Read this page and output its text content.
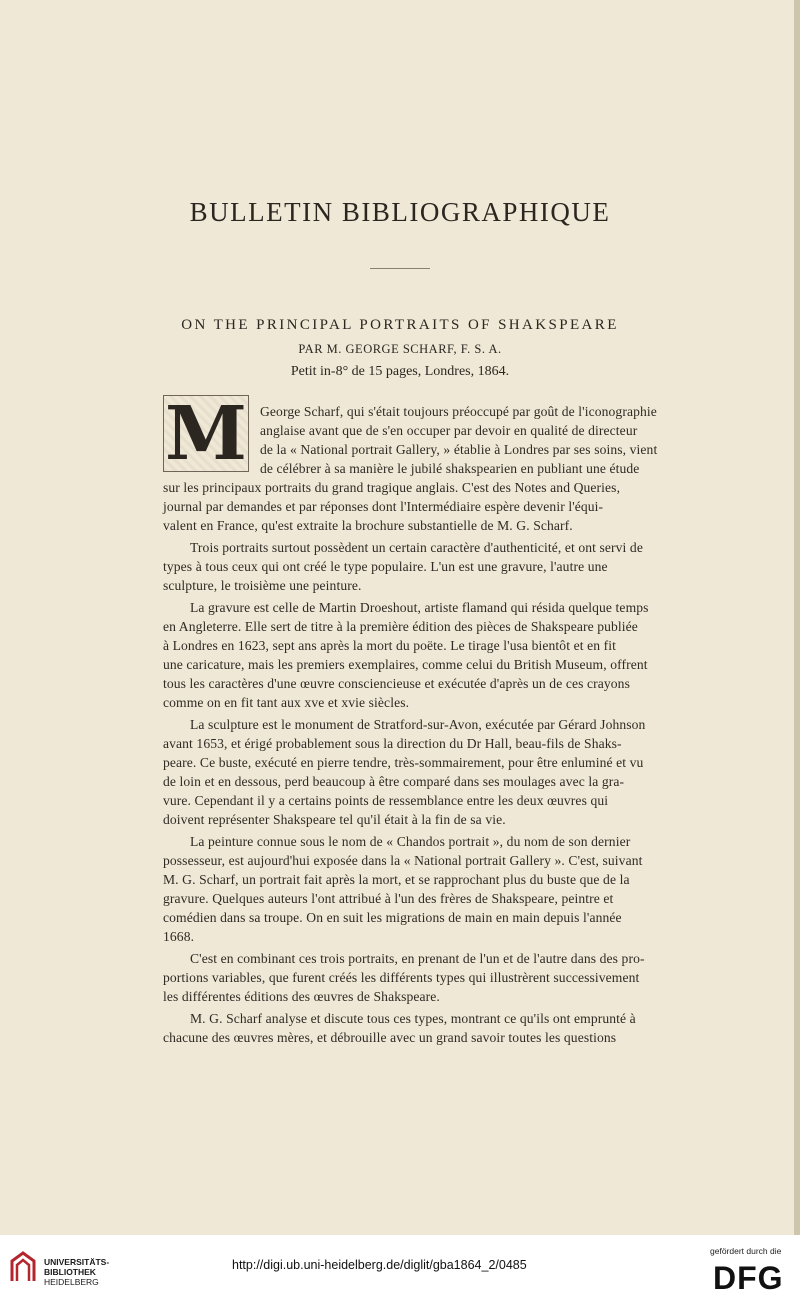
BULLETIN BIBLIOGRAPHIQUE
ON THE PRINCIPAL PORTRAITS OF SHAKSPEARE
PAR M. GEORGE SCHARF, F. S. A.
Petit in-8° de 15 pages, Londres, 1864.
M George Scharf, qui s'était toujours préoccupé par goût de l'iconographie
anglaise avant que de s'en occuper par devoir en qualité de directeur
de la « National portrait Gallery, » établie à Londres par ses soins, vient
de célébrer à sa manière le jubilé shakspearien en publiant une étude
sur les principaux portraits du grand tragique anglais. C'est des Notes and Queries,
journal par demandes et par réponses dont l'Intermédiaire espère devenir l'équi-
valent en France, qu'est extraite la brochure substantielle de M. G. Scharf.
Trois portraits surtout possèdent un certain caractère d'authenticité, et ont servi de
types à tous ceux qui ont créé le type populaire. L'un est une gravure, l'autre une
sculpture, le troisième une peinture.
La gravure est celle de Martin Droeshout, artiste flamand qui résida quelque temps
en Angleterre. Elle sert de titre à la première édition des pièces de Shakspeare publiée
à Londres en 1623, sept ans après la mort du poëte. Le tirage l'usa bientôt et en fit
une caricature, mais les premiers exemplaires, comme celui du British Museum, offrent
tous les caractères d'une œuvre consciencieuse et exécutée d'après un de ces crayons
comme on en fit tant aux xve et xvie siècles.
La sculpture est le monument de Stratford-sur-Avon, exécutée par Gérard Johnson
avant 1653, et érigé probablement sous la direction du Dr Hall, beau-fils de Shaks-
peare. Ce buste, exécuté en pierre tendre, très-sommairement, pour être enluminé et vu
de loin et en dessous, perd beaucoup à être comparé dans ses moulages avec la gra-
vure. Cependant il y a certains points de ressemblance entre les deux œuvres qui
doivent représenter Shakspeare tel qu'il était à la fin de sa vie.
La peinture connue sous le nom de « Chandos portrait », du nom de son dernier
possesseur, est aujourd'hui exposée dans la « National portrait Gallery ». C'est, suivant
M. G. Scharf, un portrait fait après la mort, et se rapprochant plus du buste que de la
gravure. Quelques auteurs l'ont attribué à l'un des frères de Shakspeare, peintre et
comédien dans sa troupe. On en suit les migrations de main en main depuis l'année
1668.
C'est en combinant ces trois portraits, en prenant de l'un et de l'autre dans des pro-
portions variables, que furent créés les différents types qui illustrèrent successivement
les différentes éditions des œuvres de Shakspeare.
M. G. Scharf analyse et discute tous ces types, montrant ce qu'ils ont emprunté à
chacune des œuvres mères, et débrouille avec un grand savoir toutes les questions
UNIVERSITÄTS-
BIBLIOTHEK
HEIDELBERG
http://digi.ub.uni-heidelberg.de/diglit/gba1864_2/0485
gefördert durch die
DFG
